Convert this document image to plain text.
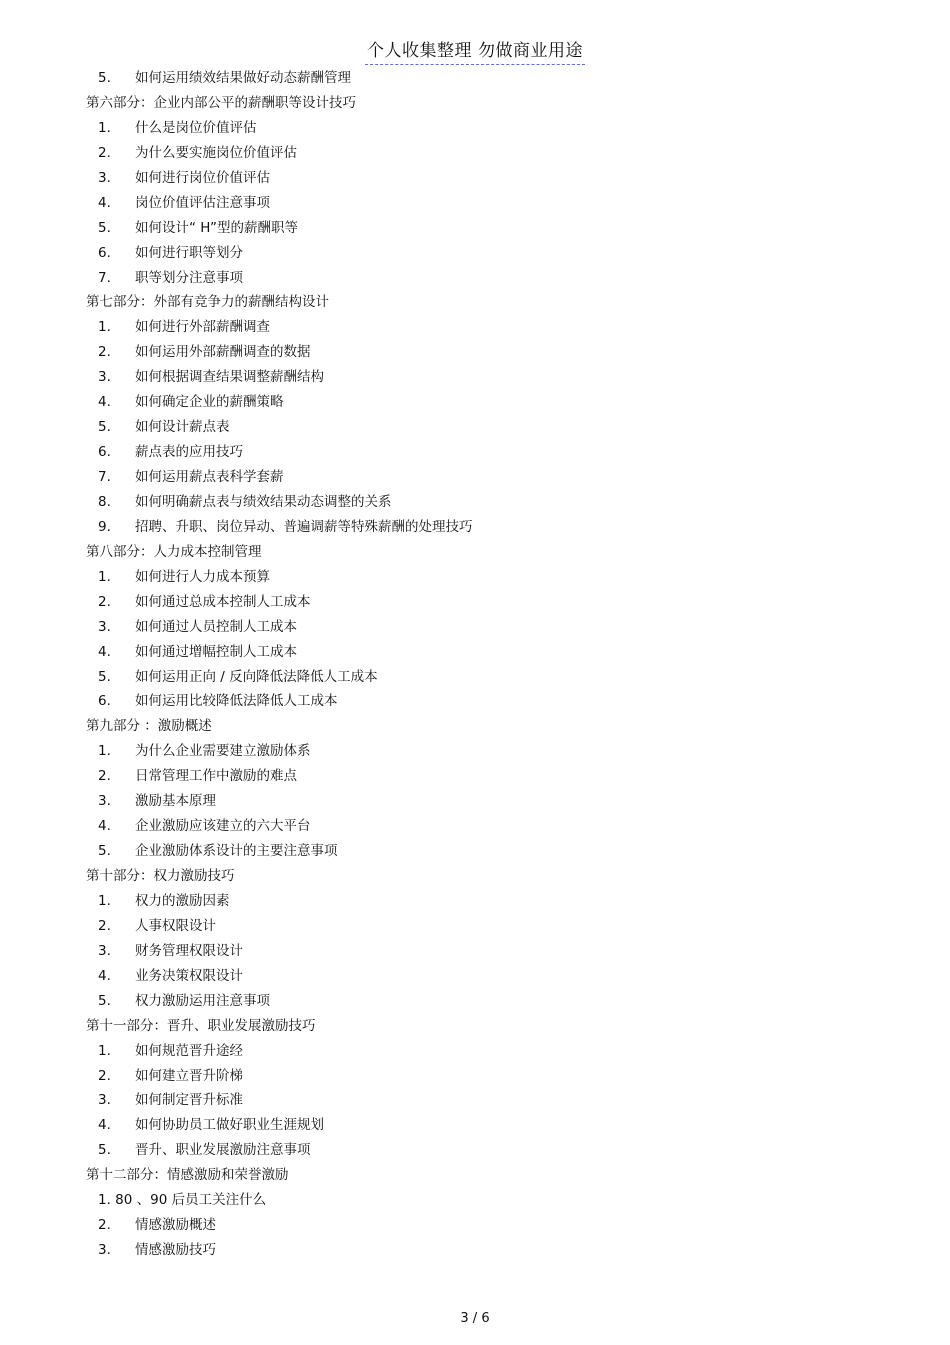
个人收集整理 勿做商业用途
5. 如何运用绩效结果做好动态薪酬管理
第六部分：企业内部公平的薪酬职等设计技巧
1. 什么是岗位价值评估
2. 为什么要实施岗位价值评估
3. 如何进行岗位价值评估
4. 岗位价值评估注意事项
5. 如何设计“ H”型的薪酬职等
6. 如何进行职等划分
7. 职等划分注意事项
第七部分：外部有竞争力的薪酬结构设计
1. 如何进行外部薪酬调查
2. 如何运用外部薪酬调查的数据
3. 如何根据调查结果调整薪酬结构
4. 如何确定企业的薪酬策略
5. 如何设计薪点表
6. 薪点表的应用技巧
7. 如何运用薪点表科学套薪
8. 如何明确薪点表与绩效结果动态调整的关系
9. 招聘、升职、岗位异动、普遍调薪等特殊薪酬的处理技巧
第八部分：人力成本控制管理
1. 如何进行人力成本预算
2. 如何通过总成本控制人工成本
3. 如何通过人员控制人工成本
4. 如何通过增幅控制人工成本
5. 如何运用正向 / 反向降低法降低人工成本
6. 如何运用比较降低法降低人工成本
第九部分 ：激励概述
1. 为什么企业需要建立激励体系
2. 日常管理工作中激励的难点
3. 激励基本原理
4. 企业激励应该建立的六大平台
5. 企业激励体系设计的主要注意事项
第十部分：权力激励技巧
1. 权力的激励因素
2. 人事权限设计
3. 财务管理权限设计
4. 业务决策权限设计
5. 权力激励运用注意事项
第十一部分：晋升、职业发展激励技巧
1. 如何规范晋升途经
2. 如何建立晋升阶梯
3. 如何制定晋升标准
4. 如何协助员工做好职业生涯规划
5. 晋升、职业发展激励注意事项
第十二部分：情感激励和荣誉激励
1. 80 、90 后员工关注什么
2. 情感激励概述
3. 情感激励技巧
3 / 6
